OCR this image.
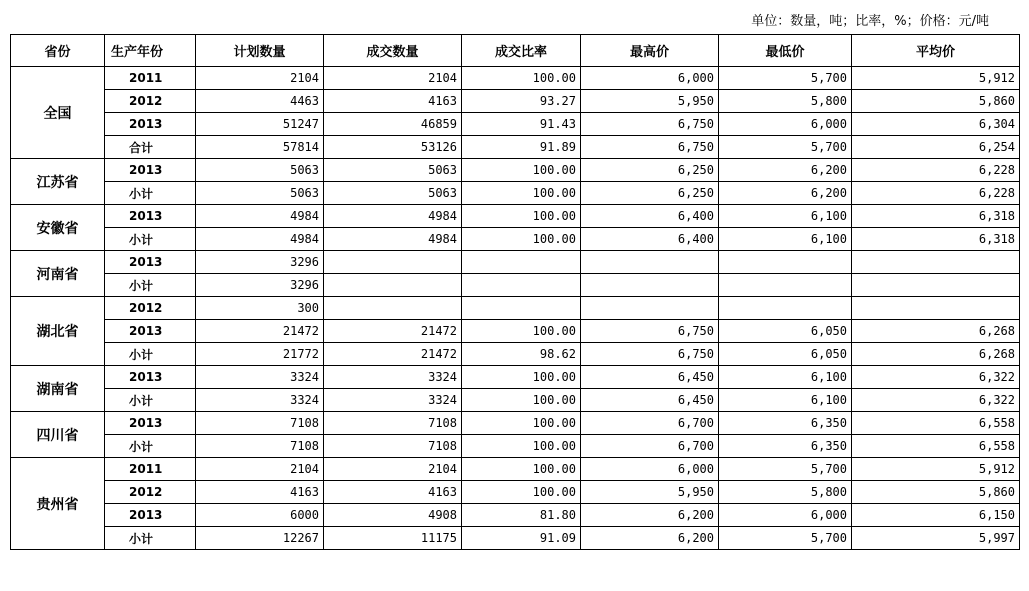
单位：数量，吨；比率，%；价格：元/吨
省份	生产年份	计划数量	成交数量	成交比率	最高价	最低价	平均价
全国	2011	2104	2104	100.00	6,000	5,700	5,912
	2012	4463	4163	93.27	5,950	5,800	5,860
	2013	51247	46859	91.43	6,750	6,000	6,304
	合计	57814	53126	91.89	6,750	5,700	6,254
江苏省	2013	5063	5063	100.00	6,250	6,200	6,228
	小计	5063	5063	100.00	6,250	6,200	6,228
安徽省	2013	4984	4984	100.00	6,400	6,100	6,318
	小计	4984	4984	100.00	6,400	6,100	6,318
河南省	2013	3296					
	小计	3296					
湖北省	2012	300					
	2013	21472	21472	100.00	6,750	6,050	6,268
	小计	21772	21472	98.62	6,750	6,050	6,268
湖南省	2013	3324	3324	100.00	6,450	6,100	6,322
	小计	3324	3324	100.00	6,450	6,100	6,322
四川省	2013	7108	7108	100.00	6,700	6,350	6,558
	小计	7108	7108	100.00	6,700	6,350	6,558
贵州省	2011	2104	2104	100.00	6,000	5,700	5,912
	2012	4163	4163	100.00	5,950	5,800	5,860
	2013	6000	4908	81.80	6,200	6,000	6,150
	小计	12267	11175	91.09	6,200	5,700	5,997
